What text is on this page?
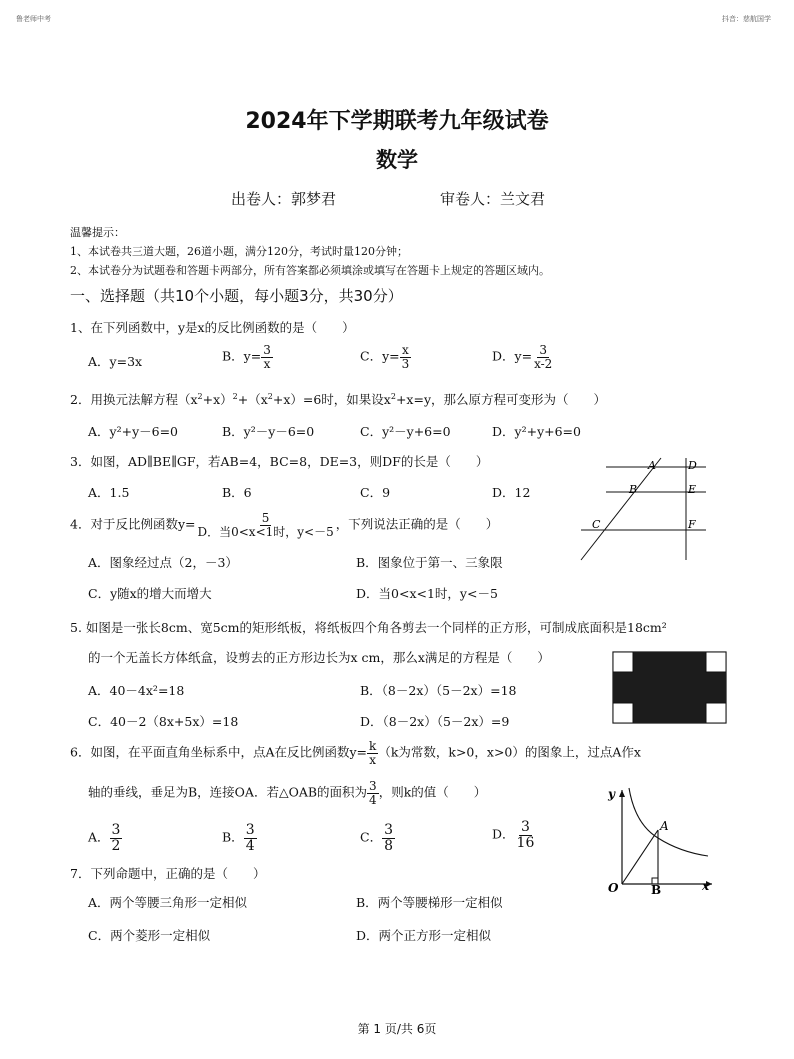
鲁老师中考	抖音：慈航国学
2024年下学期联考九年级试卷
数学
出卷人：郭梦君	审卷人：兰文君
温馨提示：
1、本试卷共三道大题，26道小题，满分120分，考试时量120分钟；
2、本试卷分为试题卷和答题卡两部分，所有答案都必须填涂或填写在答题卡上规定的答题区域内。
一、选择题（共10个小题，每小题3分，共30分）
1、在下列函数中，y是x的反比例函数的是（　　）
A．y=3x	B．$y= \frac{3}{x}$	C．$y= \frac{x}{3}$	D．$y= \frac{3}{x-2}$
2．用换元法解方程$(x^2+x)^2+(x^2+x)=6$时，如果设$x^2+x=y$，那么原方程可变形为（　　）
A．y²+y－6=0	B．y²－y－6=0	C．y²－y+6=0	D．y²+y+6=0
3．如图，AD∥BE∥GF，若AB=4，BC=8，DE=3，则DF的长是（　　）
A．1.5	B．6	C．9	D．12
A	D
B	E
C	F
4．对于反比例函数$y= \frac{5}{\text{D．当0<x<1时，y<－5}}$ ，下列说法正确的是（　　）
A．图象经过点（2，－3）	B．图象位于第一、三象限
C．y随x的增大而增大	D．当0<x<1时，y<－5
5. 如图是一张长8cm、宽5cm的矩形纸板，将纸板四个角各剪去一个同样的正方形，可制成底面积是18cm²
的一个无盖长方体纸盒，设剪去的正方形边长为x cm，那么x满足的方程是（　　）
A．40－4x²=18	B．（8－2x）（5－2x）=18
C．40－2（8x+5x）=18	D．（8－2x）（5－2x）=9
6．如图，在平面直角坐标系中，点A在反比例函数$y= \frac{k}{x} (k$为常数，k>0，x>0）的图象上，过点A作x
轴的垂线，垂足为B，连接OA．若△OAB的面积为 $\frac{3}{4}$ ，则k的值（　　）
A． $\frac{3}{2}$	B． $\frac{3}{4}$	C． $\frac{3}{8}$	D． $\frac{3}{16}$
y
A
O	B	x
7．下列命题中，正确的是（　　）
A．两个等腰三角形一定相似	B．两个等腰梯形一定相似
C．两个菱形一定相似	D．两个正方形一定相似
第 1 页/共 6页
